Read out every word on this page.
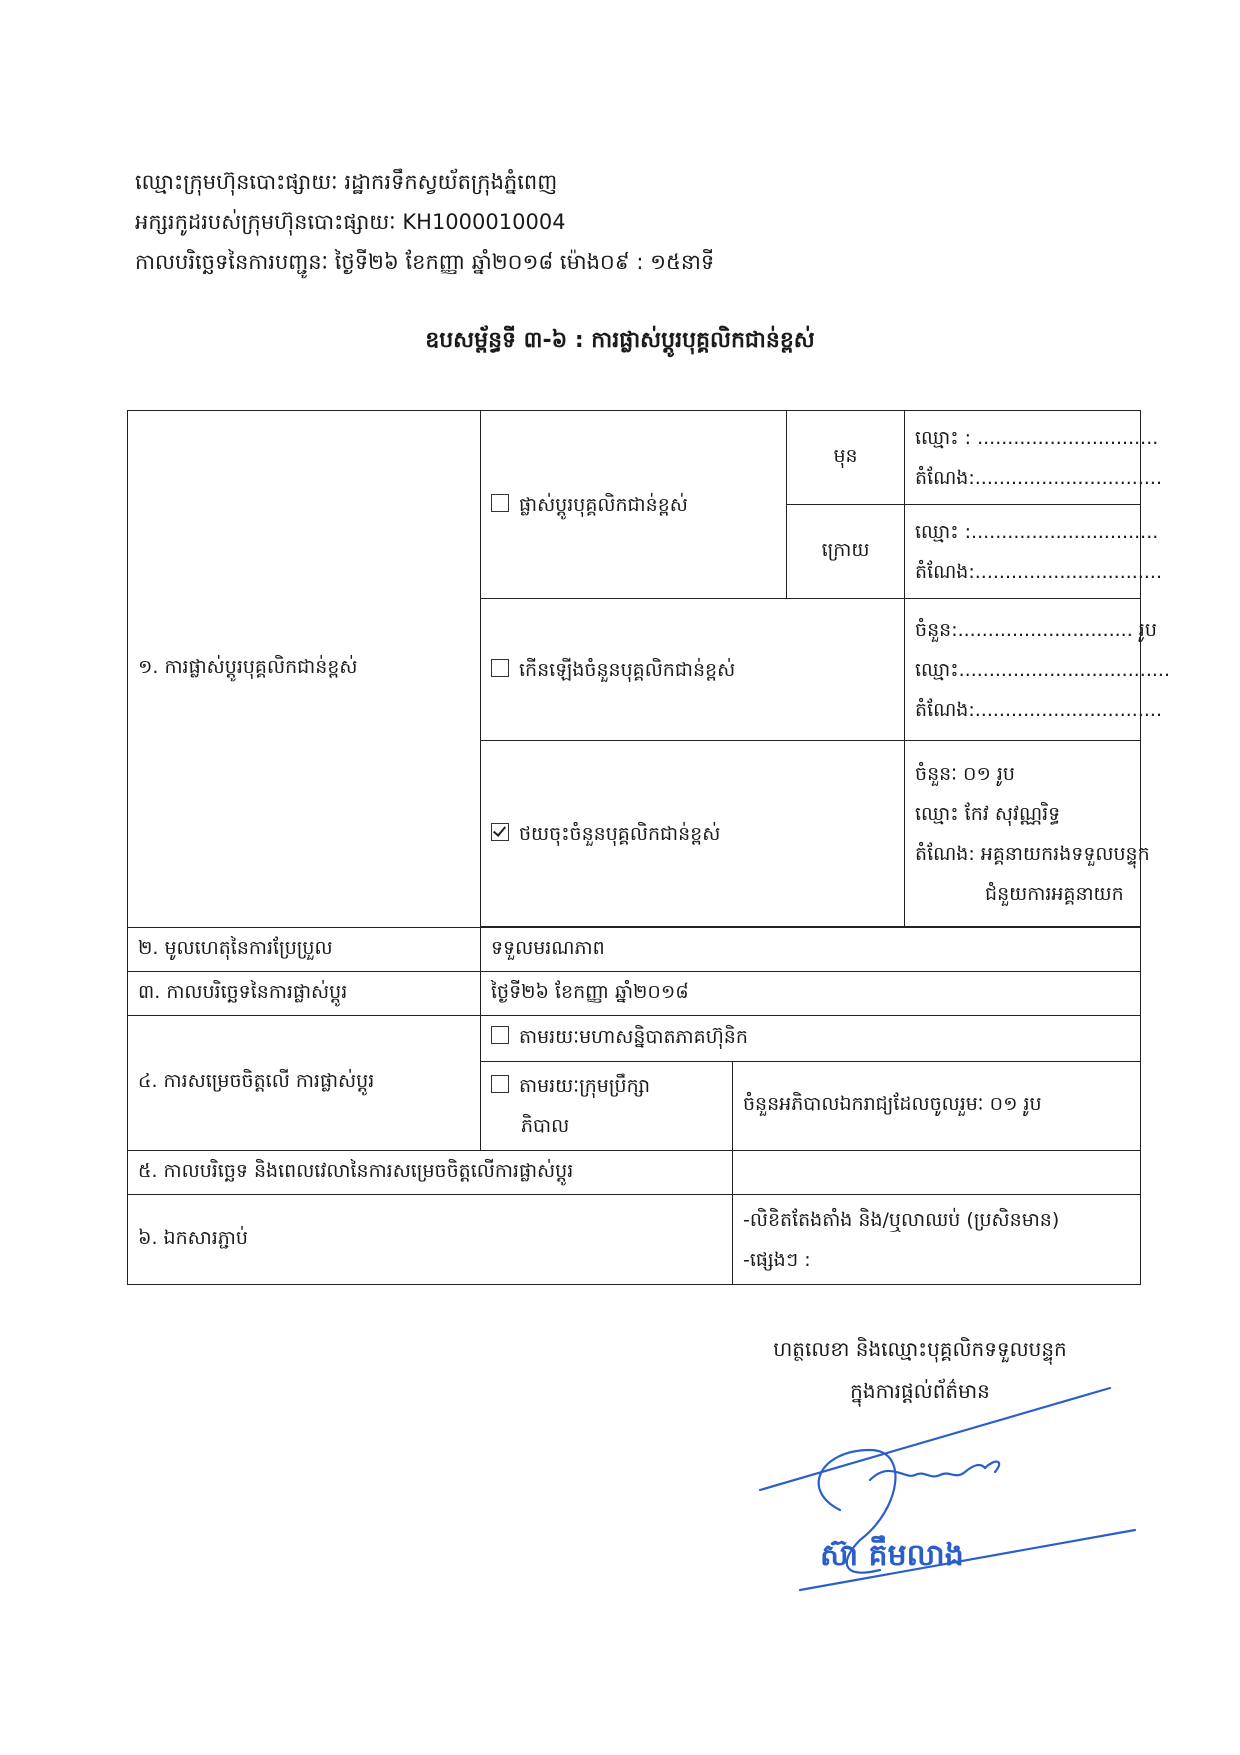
ឈ្មោះក្រុមហ៊ុនបោះផ្សាយៈ រដ្ឋាករទឹកស្វយ័តក្រុងភ្នំពេញ
អក្សរកូដរបស់ក្រុមហ៊ុនបោះផ្សាយៈ KH1000010004
កាលបរិច្ឆេទនៃការបញ្ជូនៈ ថ្ងៃទី២៦ ខែកញ្ញា ឆ្នាំ២០១៨ ម៉ោង០៩ : ១៥នាទី
ឧបសម្ព័ន្ធទី ៣-៦ : ការផ្លាស់ប្តូរបុគ្គលិកជាន់ខ្ពស់
១. ការផ្លាស់ប្តូរបុគ្គលិកជាន់ខ្ពស់	ផ្លាស់ប្តូរបុគ្គលិកជាន់ខ្ពស់		មុន	ឈ្មោះ : ..............................
តំណែង:...............................

			ក្រោយ	ឈ្មោះ :...............................
តំណែង:...............................

	កើនឡើងចំនួនបុគ្គលិកជាន់ខ្ពស់			ចំនួន:............................. រូប
ឈ្មោះ...................................
តំណែង:...............................

	ថយចុះចំនួនបុគ្គលិកជាន់ខ្ពស់			ចំនួនៈ ០១ រូប
ឈ្មោះ កែវ សុវណ្ណរិទ្ធ
តំណែង: អគ្គនាយករងទទួលបន្ទុក
ជំនួយការអគ្គនាយក

២. មូលហេតុនៃការប្រែប្រួល	ទទួលមរណភាព			
៣. កាលបរិច្ឆេទនៃការផ្លាស់ប្តូរ	ថ្ងៃទី២៦ ខែកញ្ញា ឆ្នាំ២០១៨			
៤. ការសម្រេចចិត្តលើ ការផ្លាស់ប្តូរ	តាមរយៈមហាសន្និបាតភាគហ៊ុនិក			

	តាមរយៈក្រុមប្រឹក្សា
ភិបាល	ចំនួនអភិបាលឯករាជ្យដែលចូលរួមៈ ០១ រូប		
៥. កាលបរិច្ឆេទ និងពេលវេលានៃការសម្រេចចិត្តលើការផ្លាស់ប្តូរ				
៦. ឯកសារភ្ជាប់		-លិខិតតែងតាំង និង/ឬលាឈប់ (ប្រសិនមាន)
-ផ្សេងៗ :		
ហត្ថលេខា និងឈ្មោះបុគ្គលិកទទួលបន្ទុក
ក្នុងការផ្តល់ព័ត៌មាន
ស៊ា គឹមលាង
